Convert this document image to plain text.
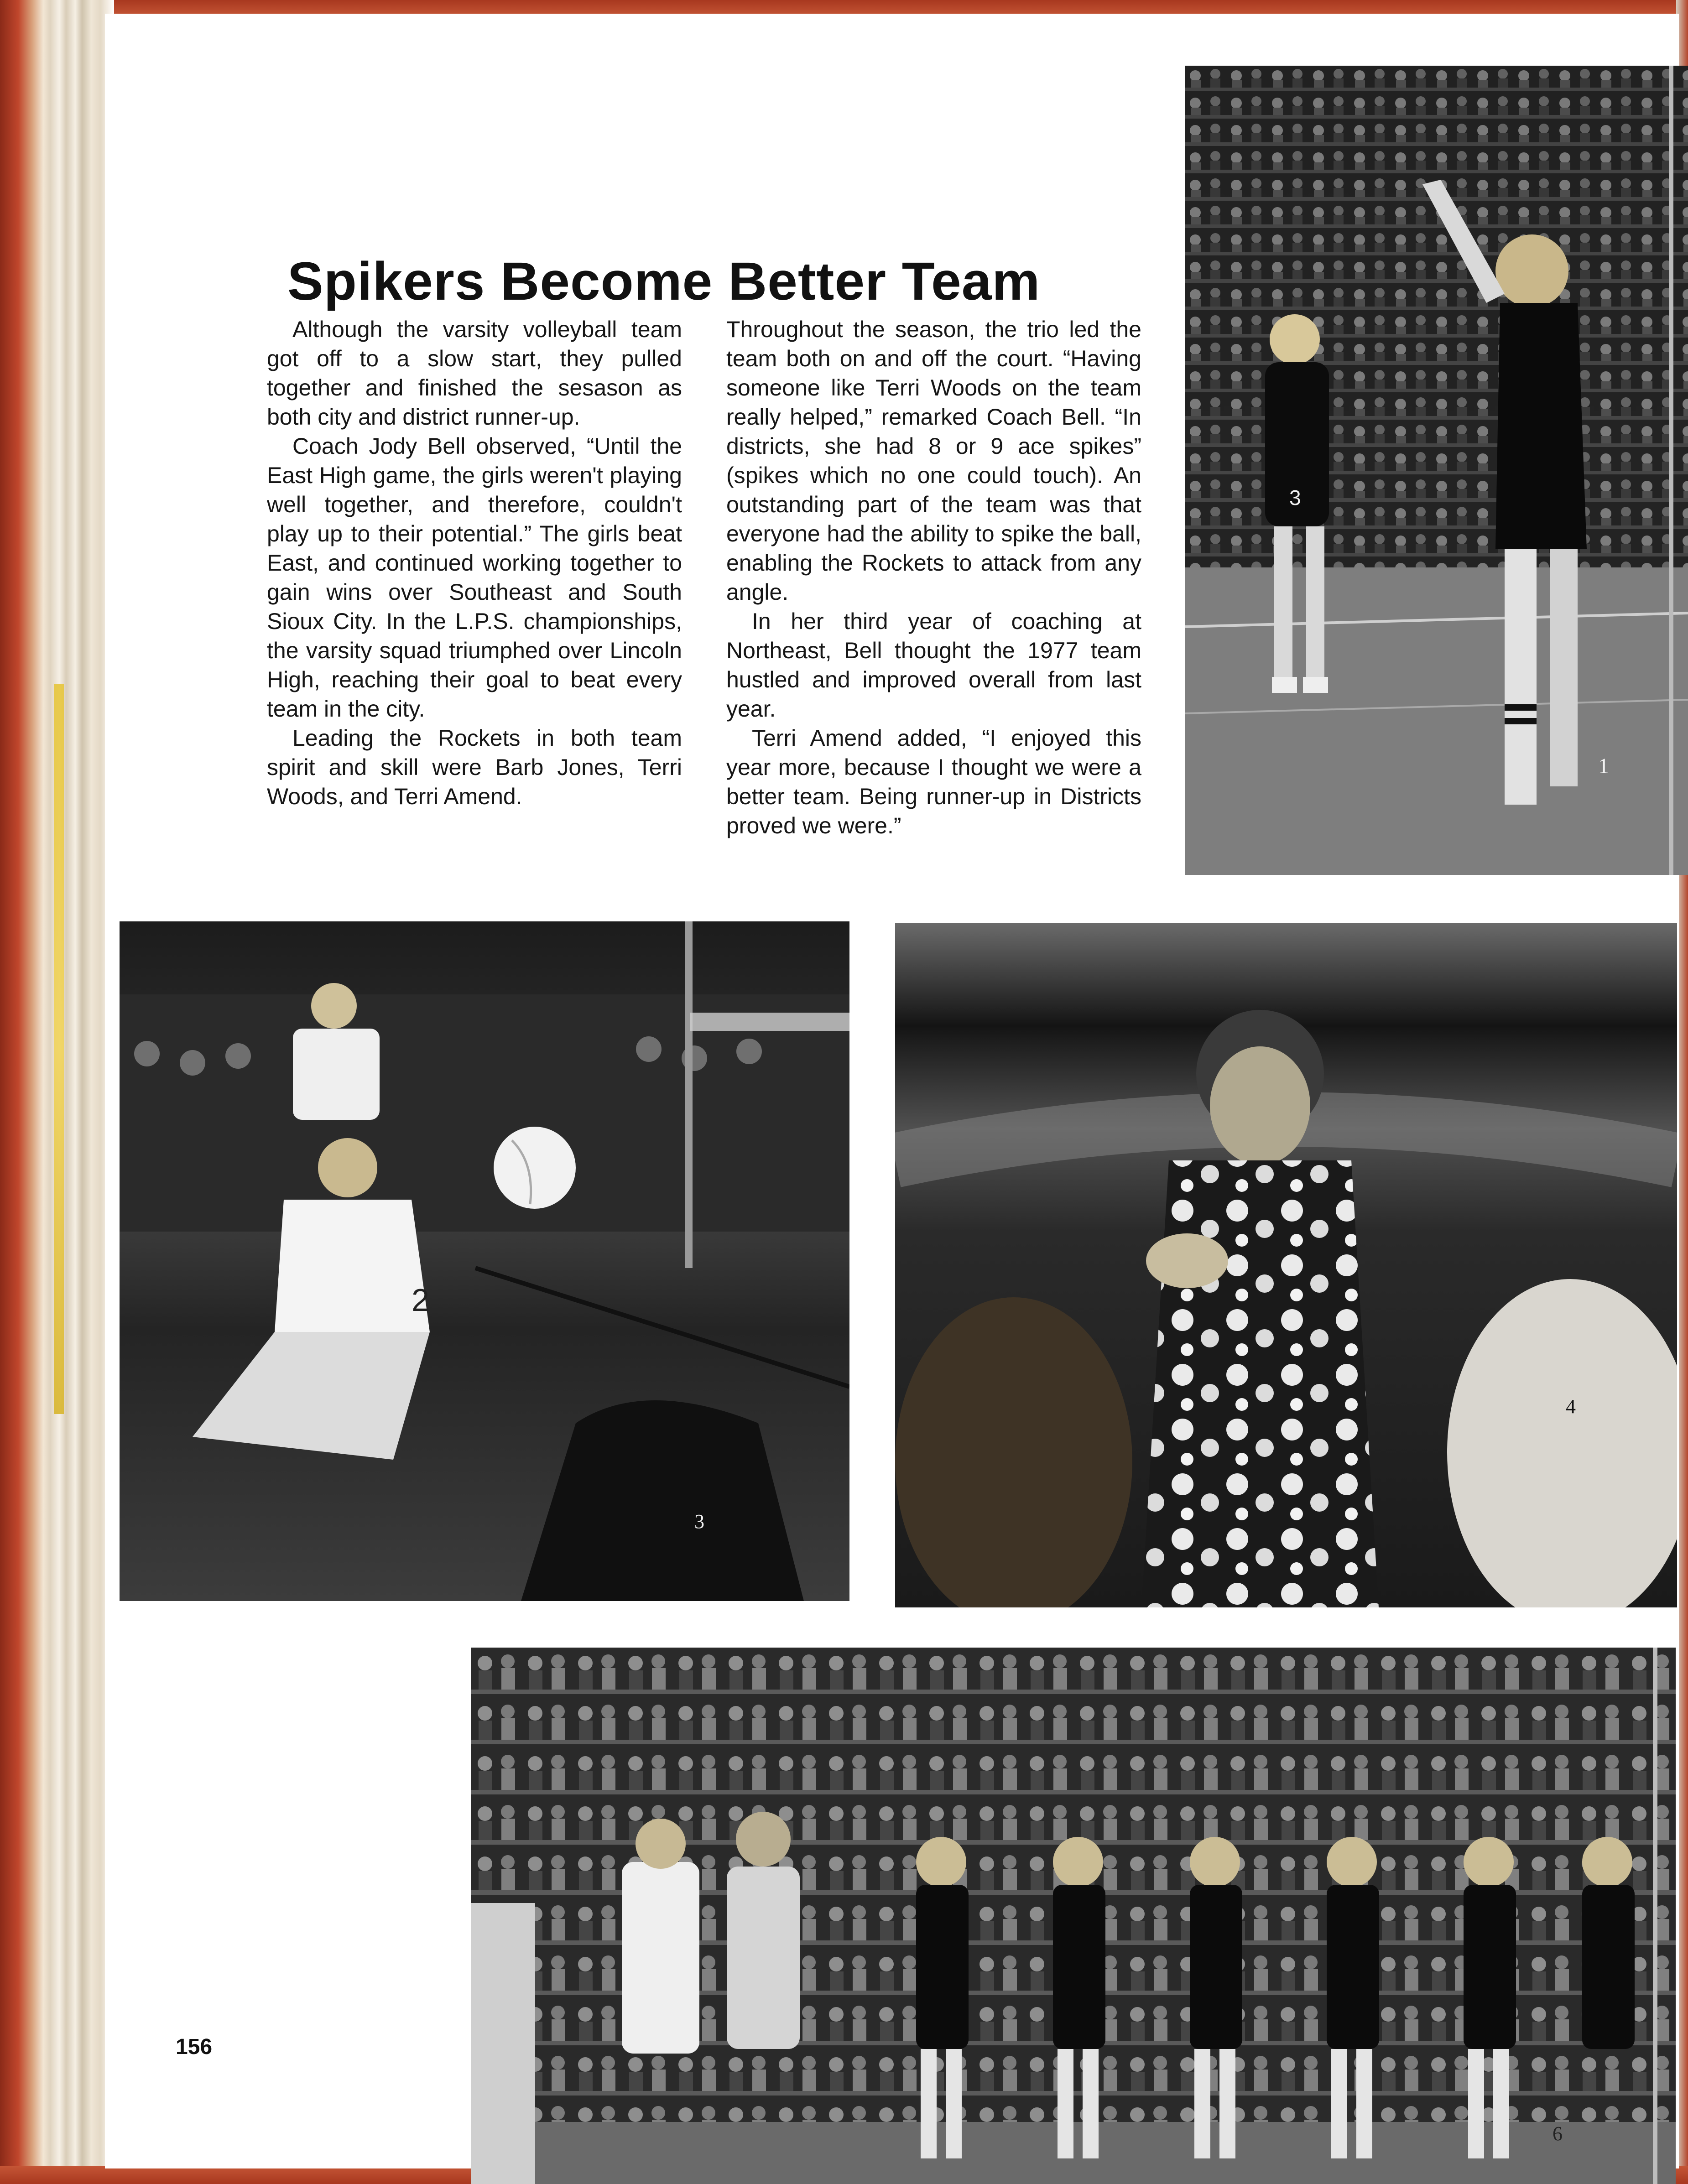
Spikers Become Better Team

Although the varsity volleyball team got off to a slow start, they pulled together and finished the sesason as both city and district runner-up.

Coach Jody Bell observed, “Until the East High game, the girls weren't playing well together, and therefore, couldn't play up to their potential.” The girls beat East, and continued working together to gain wins over Southeast and South Sioux City. In the L.P.S. championships, the varsity squad triumphed over Lincoln High, reaching their goal to beat every team in the city.

Leading the Rockets in both team spirit and skill were Barb Jones, Terri Woods, and Terri Amend.

Throughout the season, the trio led the team both on and off the court. “Having someone like Terri Woods on the team really helped,” remarked Coach Bell. “In districts, she had 8 or 9 ace spikes” (spikes which no one could touch). An outstanding part of the team was that everyone had the ability to spike the ball, enabling the Rockets to attack from any angle.

In her third year of coaching at Northeast, Bell thought the 1977 team hustled and improved overall from last year.

Terri Amend added, “I enjoyed this year more, because I thought we were a better team. Being runner-up in Districts proved we were.”

1
3
3
2
4
6
156
